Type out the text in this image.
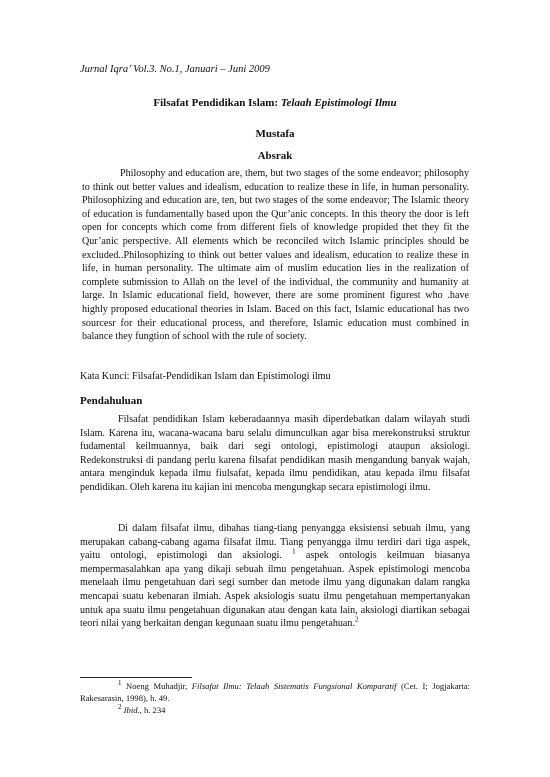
Jurnal Iqra’ Vol.3. No.1, Januari – Juni 2009
Filsafat Pendidikan Islam: Telaah Epistimologi Ilmu
Mustafa
Absrak

Philosophy and education are, them, but two stages of the some endeavor; philosophy to think out better values and idealism, education to realize these in life, in human personality. Philosophizing and education are, ten, but two stages of the some endeavor; The Islamic theory of education is fundamentally based upon the Qur’anic concepts. In this theory the door is left open for concepts which come from different fiels of knowledge propided thet they fit the Qur’anic perspective. All elements which be reconciled witch Islamic principles should be excluded..Philosophizing to think out better values and idealism, education to realize these in life, in human personality. The ultimate aim of muslim education lies in the realization of complete submission to Allah on the level of the individual, the community and humanity at large. In Islamic educational field, however, there are some prominent figurest who .have highly proposed educational theories in Islam. Baced on this fact, Islamic educational has two sourcesr for their educational process, and therefore, Islamic education must combined in balance they fungtion of school with the rule of society.

Kata Kunci: Filsafat-Pendidikan Islam dan Epistimologi ilmu
Pendahuluan

Filsafat pendidikan Islam keberadaannya masih diperdebatkan dalam wilayah studi Islam. Karena itu, wacana-wacana baru selalu dimunculkan agar bisa merekonstruksi struktur fudamental keilmuannya, baik dari segi ontologi, epistimologi ataupun aksiologi. Redekonstruksi di pandang perlu karena filsafat pendidikan masih mengandung banyak wajah, antara menginduk kepada ilmu fiulsafat, kepada ilmu pendidikan, atau kepada ilmu filsafat pendidikan. Oleh karena itu kajian ini mencoba mengungkap secara epistimologi ilmu.

Di dalam filsafat ilmu, dibahas tiang-tiang penyangga eksistensi sebuah ilmu, yang merupakan cabang-cabang agama filsafat ilmu. Tiang penyangga ilmu terdiri dari tiga aspek, yaitu ontologi, epistimologi dan aksiologi. $^1$ aspek ontologis keilmuan biasanya mempermasalahkan apa yang dikaji sebuah ilmu pengetahuan. Aspek epistimologi mencoba menelaah ilmu pengetahuan dari segi sumber dan metode ilmu yang digunakan dalam rangka mencapai suatu kebenaran ilmiah. Aspek aksiologis suatu ilmu pengetahuan mempertanyakan untuk apa suatu ilmu pengetahuan digunakan atau dengan kata lain, aksiologi diartikan sebagai teori nilai yang berkaitan dengan kegunaan suatu ilmu pengetahuan.$^2$

$^1$ Noeng Muhadjir, Filsafat Ilmu: Telaah Sistematis Fungsional Komparatif (Cet. I; Jogjakarta: Rakesarasin, 1998), h. 49.

$^2$ Ibid., h. 234
